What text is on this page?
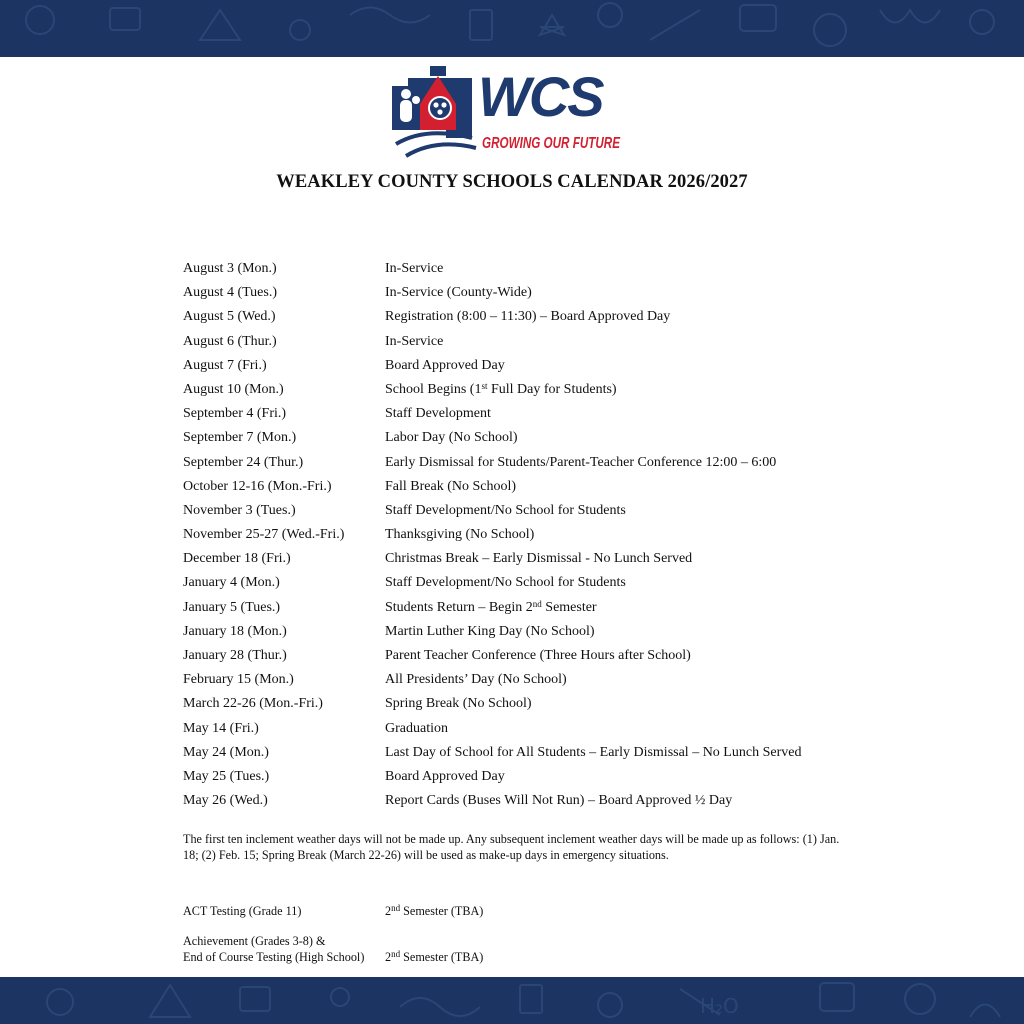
WCS
GROWING OUR FUTURE
WEAKLEY COUNTY SCHOOLS CALENDAR 2026/2027
August 3 (Mon.)	In-Service
August 4 (Tues.)	In-Service (County-Wide)
August 5 (Wed.)	Registration (8:00 – 11:30) – Board Approved Day
August 6 (Thur.)	In-Service
August 7 (Fri.)	Board Approved Day
August 10 (Mon.)	School Begins (1st Full Day for Students)
September 4 (Fri.)	Staff Development
September 7 (Mon.)	Labor Day (No School)
September 24 (Thur.)	Early Dismissal for Students/Parent-Teacher Conference 12:00 – 6:00
October 12-16 (Mon.-Fri.)	Fall Break (No School)
November 3 (Tues.)	Staff Development/No School for Students
November 25-27 (Wed.-Fri.)	Thanksgiving (No School)
December 18 (Fri.)	Christmas Break – Early Dismissal - No Lunch Served
January 4 (Mon.)	Staff Development/No School for Students
January 5 (Tues.)	Students Return – Begin 2nd Semester
January 18 (Mon.)	Martin Luther King Day (No School)
January 28 (Thur.)	Parent Teacher Conference (Three Hours after School)
February 15 (Mon.)	All Presidents’ Day (No School)
March 22-26 (Mon.-Fri.)	Spring Break (No School)
May 14 (Fri.)	Graduation
May 24 (Mon.)	Last Day of School for All Students – Early Dismissal – No Lunch Served
May 25 (Tues.)	Board Approved Day
May 26 (Wed.)	Report Cards (Buses Will Not Run) – Board Approved ½ Day
The first ten inclement weather days will not be made up. Any subsequent inclement weather days will be made up as follows: (1) Jan. 18; (2) Feb. 15; Spring Break (March 22-26) will be used as make-up days in emergency situations.
ACT Testing (Grade 11)	2nd Semester (TBA)
Achievement (Grades 3-8) &
End of Course Testing (High School) 2nd Semester (TBA)
H₂O
